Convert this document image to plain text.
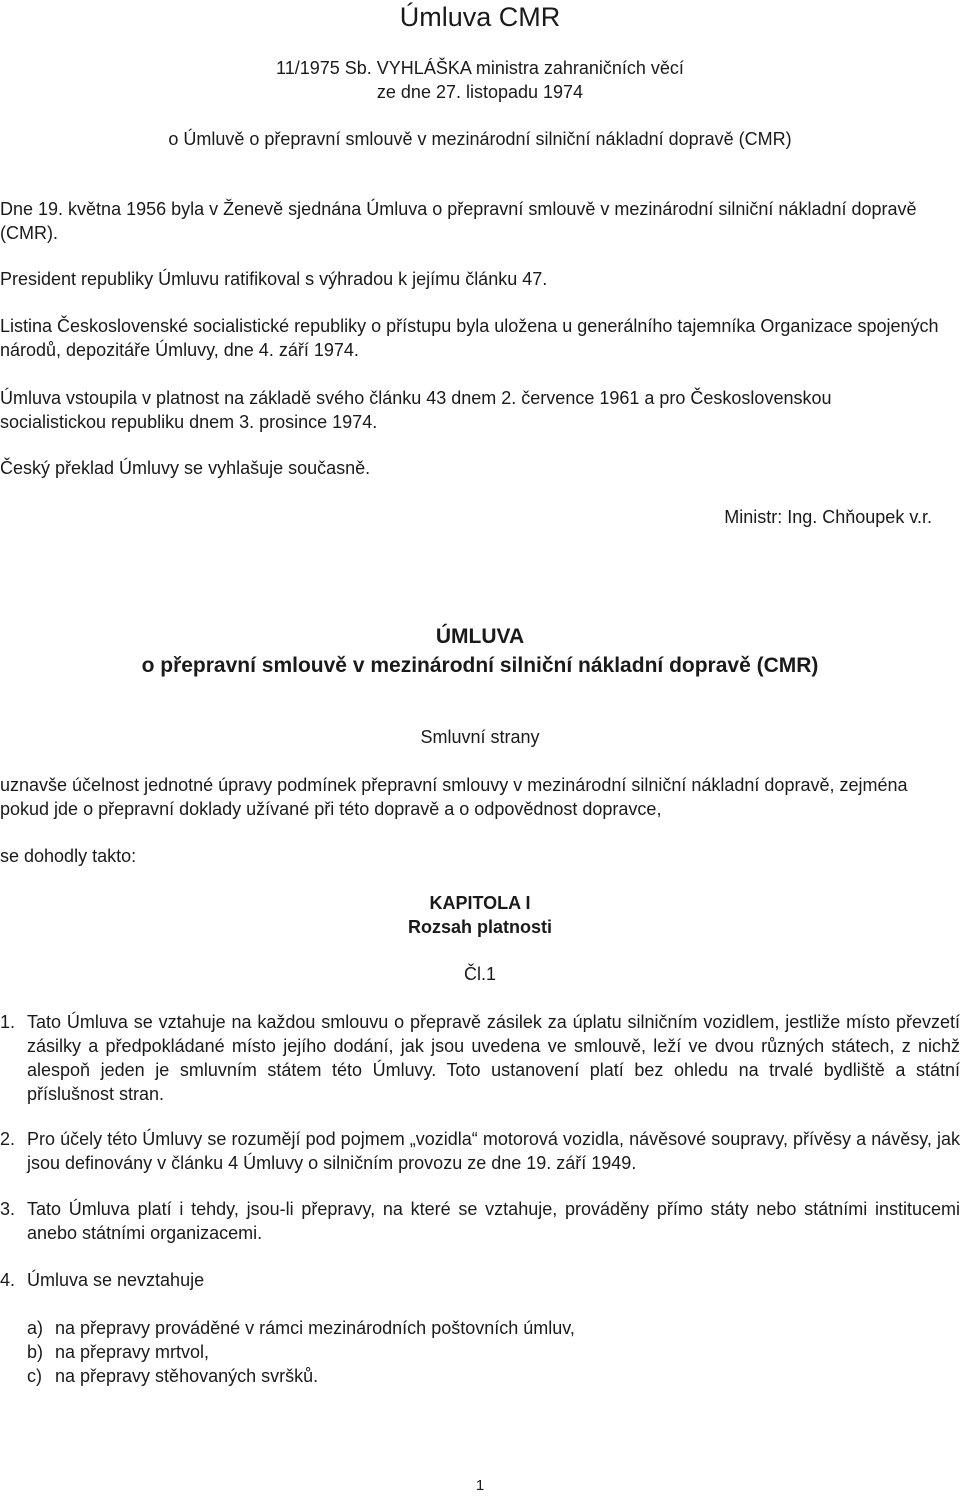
Úmluva CMR
11/1975 Sb. VYHLÁŠKA ministra zahraničních věcí
ze dne 27. listopadu 1974
o Úmluvě o přepravní smlouvě v mezinárodní silniční nákladní dopravě (CMR)
Dne 19. května 1956 byla v Ženevě sjednána Úmluva o přepravní smlouvě v mezinárodní silniční nákladní dopravě (CMR).
President republiky Úmluvu ratifikoval s výhradou k jejímu článku 47.
Listina Československé socialistické republiky o přístupu byla uložena u generálního tajemníka Organizace spojených národů, depozitáře Úmluvy, dne 4. září 1974.
Úmluva vstoupila v platnost na základě svého článku 43 dnem 2. července 1961 a pro Československou socialistickou republiku dnem 3. prosince 1974.
Český překlad Úmluvy se vyhlašuje současně.
Ministr: Ing. Chňoupek v.r.
ÚMLUVA
o přepravní smlouvě v mezinárodní silniční nákladní dopravě (CMR)
Smluvní strany
uznavše účelnost jednotné úpravy podmínek přepravní smlouvy v mezinárodní silniční nákladní dopravě, zejména pokud jde o přepravní doklady užívané při této dopravě a o odpovědnost dopravce,
se dohodly takto:
KAPITOLA I
Rozsah platnosti
Čl.1
1. Tato Úmluva se vztahuje na každou smlouvu o přepravě zásilek za úplatu silničním vozidlem, jestliže místo převzetí zásilky a předpokládané místo jejího dodání, jak jsou uvedena ve smlouvě, leží ve dvou různých státech, z nichž alespoň jeden je smluvním státem této Úmluvy. Toto ustanovení platí bez ohledu na trvalé bydliště a státní příslušnost stran.
2. Pro účely této Úmluvy se rozumějí pod pojmem „vozidla“ motorová vozidla, návěsové soupravy, přívěsy a návěsy, jak jsou definovány v článku 4 Úmluvy o silničním provozu ze dne 19. září 1949.
3. Tato Úmluva platí i tehdy, jsou-li přepravy, na které se vztahuje, prováděny přímo státy nebo státními institucemi anebo státními organizacemi.
4. Úmluva se nevztahuje
a) na přepravy prováděné v rámci mezinárodních poštovních úmluv,
b) na přepravy mrtvol,
c) na přepravy stěhovaných svršků.
1
